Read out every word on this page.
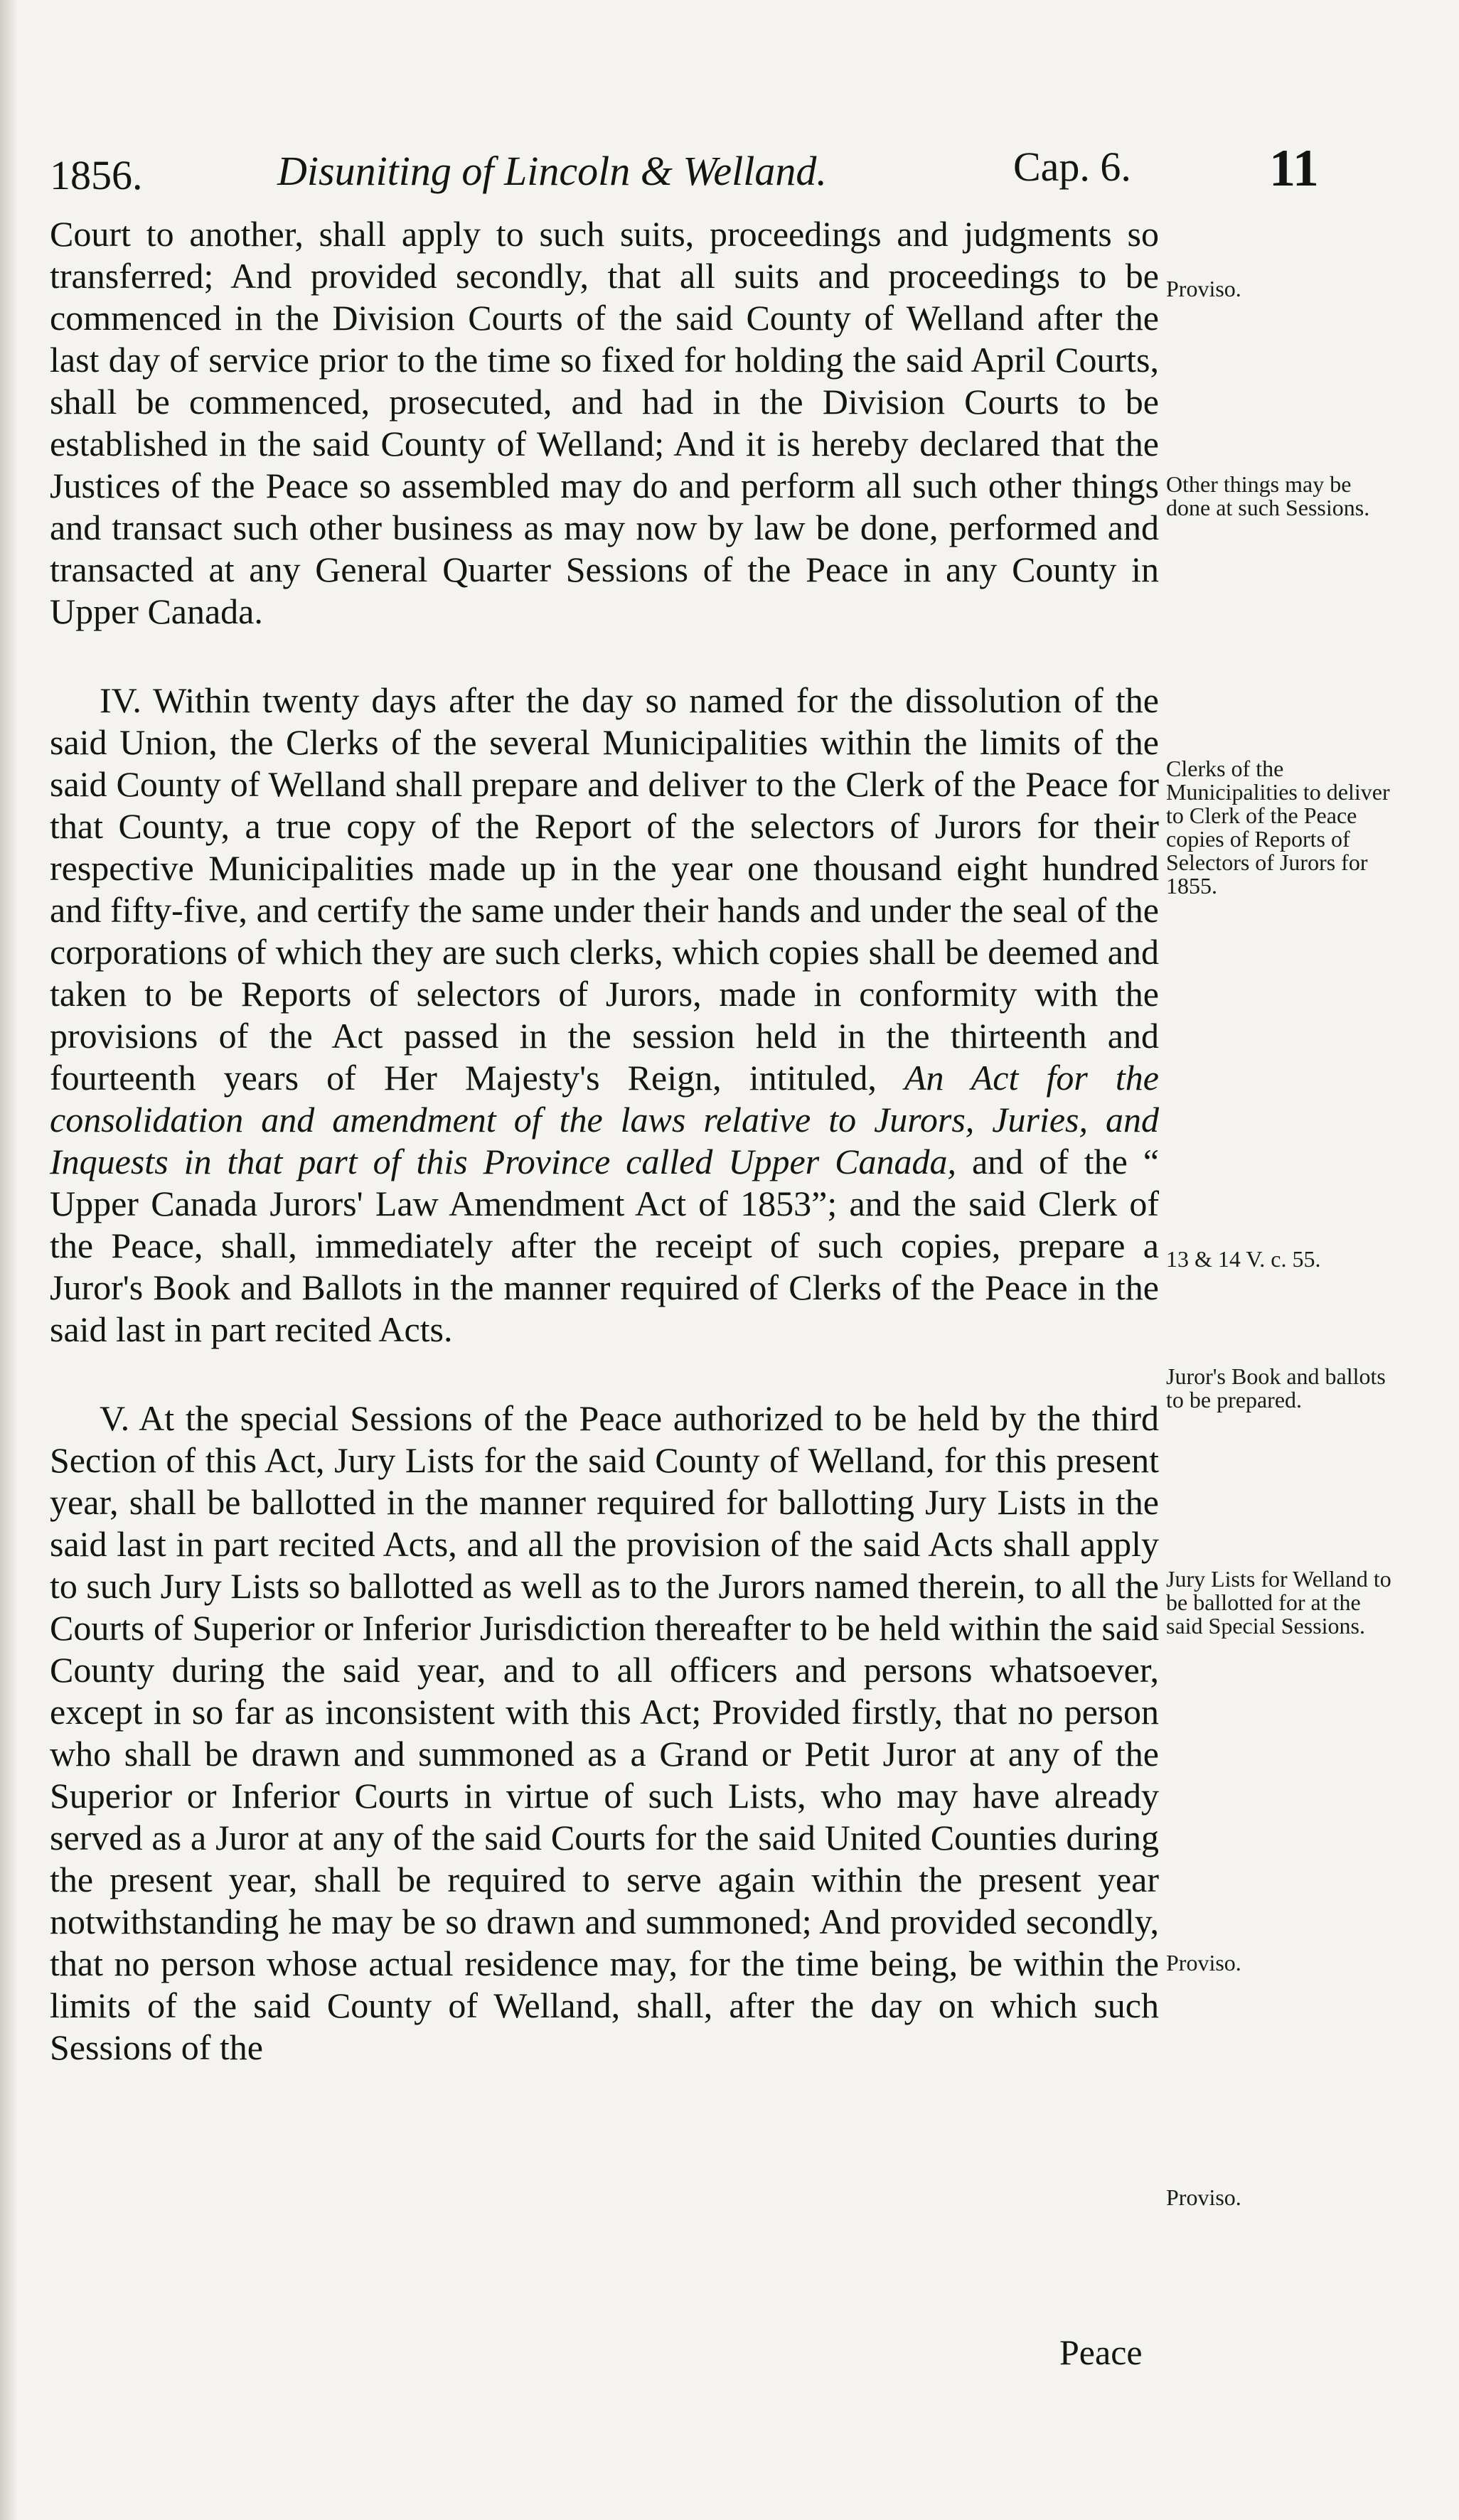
1856.	Disuniting of Lincoln & Welland.	Cap. 6.	11

Court to another, shall apply to such suits, proceedings and judgments so transferred; And provided secondly, that all suits and proceedings to be commenced in the Division Courts of the said County of Welland after the last day of service prior to the time so fixed for holding the said April Courts, shall be commenced, prosecuted, and had in the Division Courts to be established in the said County of Welland; And it is hereby declared that the Justices of the Peace so assembled may do and perform all such other things and transact such other business as may now by law be done, performed and transacted at any General Quarter Sessions of the Peace in any County in Upper Canada.

IV. Within twenty days after the day so named for the dissolution of the said Union, the Clerks of the several Municipalities within the limits of the said County of Welland shall prepare and deliver to the Clerk of the Peace for that County, a true copy of the Report of the selectors of Jurors for their respective Municipalities made up in the year one thousand eight hundred and fifty-five, and certify the same under their hands and under the seal of the corporations of which they are such clerks, which copies shall be deemed and taken to be Reports of selectors of Jurors, made in conformity with the provisions of the Act passed in the session held in the thirteenth and fourteenth years of Her Majesty's Reign, intituled, An Act for the consolidation and amendment of the laws relative to Jurors, Juries, and Inquests in that part of this Province called Upper Canada, and of the “ Upper Canada Jurors' Law Amendment Act of 1853”; and the said Clerk of the Peace, shall, immediately after the receipt of such copies, prepare a Juror's Book and Ballots in the manner required of Clerks of the Peace in the said last in part recited Acts.

V. At the special Sessions of the Peace authorized to be held by the third Section of this Act, Jury Lists for the said County of Welland, for this present year, shall be ballotted in the manner required for ballotting Jury Lists in the said last in part recited Acts, and all the provision of the said Acts shall apply to such Jury Lists so ballotted as well as to the Jurors named therein, to all the Courts of Superior or Inferior Jurisdiction thereafter to be held within the said County during the said year, and to all officers and persons whatsoever, except in so far as inconsistent with this Act; Provided firstly, that no person who shall be drawn and summoned as a Grand or Petit Juror at any of the Superior or Inferior Courts in virtue of such Lists, who may have already served as a Juror at any of the said Courts for the said United Counties during the present year, shall be required to serve again within the present year notwithstanding he may be so drawn and summoned; And provided secondly, that no person whose actual residence may, for the time being, be within the limits of the said County of Welland, shall, after the day on which such Sessions of the

Proviso.
Other things may be done at such Sessions.
Clerks of the Municipalities to deliver to Clerk of the Peace copies of Reports of Selectors of Jurors for 1855.
13 & 14 V. c. 55.
Juror's Book and ballots to be prepared.
Jury Lists for Welland to be ballotted for at the said Special Sessions.
Proviso.
Proviso.
Peace
